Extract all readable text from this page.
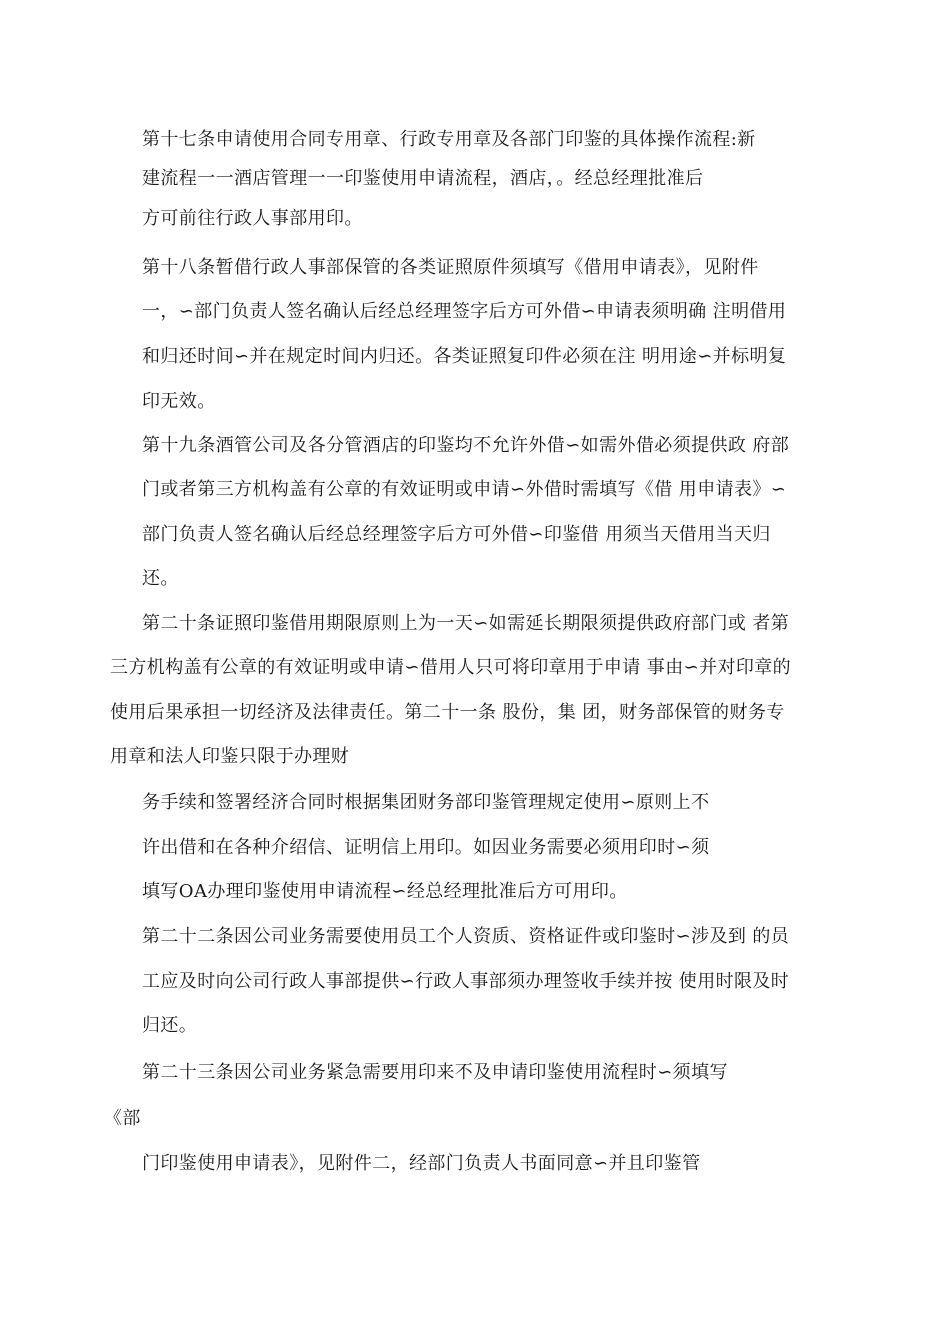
第十七条申请使用合同专用章、行政专用章及各部门印鉴的具体操作流程:新
建流程一一酒店管理一一印鉴使用申请流程，酒店，。经总经理批准后
方可前往行政人事部用印。
第十八条暂借行政人事部保管的各类证照原件须填写《借用申请表》，见附件
一，∽部门负责人签名确认后经总经理签字后方可外借∽申请表须明确 注明借用
和归还时间∽并在规定时间内归还。各类证照复印件必须在注 明用途∽并标明复
印无效。
第十九条酒管公司及各分管酒店的印鉴均不允许外借∽如需外借必须提供政 府部
门或者第三方机构盖有公章的有效证明或申请∽外借时需填写《借 用申请表》∽
部门负责人签名确认后经总经理签字后方可外借∽印鉴借 用须当天借用当天归
还。
第二十条证照印鉴借用期限原则上为一天∽如需延长期限须提供政府部门或 者第
三方机构盖有公章的有效证明或申请∽借用人只可将印章用于申请 事由∽并对印章的
使用后果承担一切经济及法律责任。第二十一条 股份，集 团，财务部保管的财务专
用章和法人印鉴只限于办理财
务手续和签署经济合同时根据集团财务部印鉴管理规定使用∽原则上不
许出借和在各种介绍信、证明信上用印。如因业务需要必须用印时∽须
填写OA办理印鉴使用申请流程∽经总经理批准后方可用印。
第二十二条因公司业务需要使用员工个人资质、资格证件或印鉴时∽涉及到 的员
工应及时向公司行政人事部提供∽行政人事部须办理签收手续并按 使用时限及时
归还。
第二十三条因公司业务紧急需要用印来不及申请印鉴使用流程时∽须填写
《部
门印鉴使用申请表》，见附件二，经部门负责人书面同意∽并且印鉴管
